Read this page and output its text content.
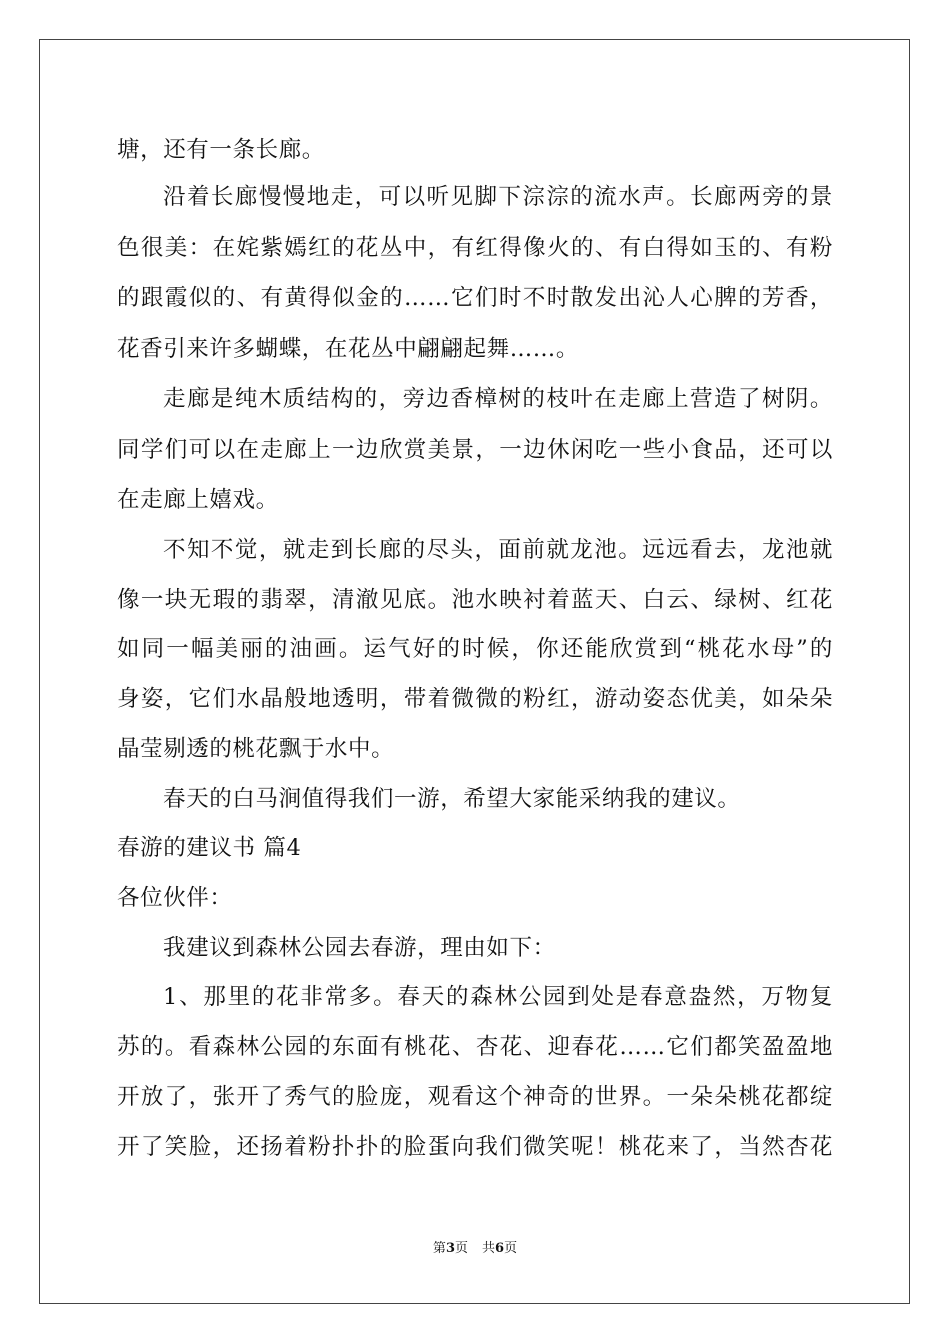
塘，还有一条长廊。
沿着长廊慢慢地走，可以听见脚下淙淙的流水声。长廊两旁的景
色很美：在姹紫嫣红的花丛中，有红得像火的、有白得如玉的、有粉
的跟霞似的、有黄得似金的……它们时不时散发出沁人心脾的芳香，
花香引来许多蝴蝶，在花丛中翩翩起舞……。
走廊是纯木质结构的，旁边香樟树的枝叶在走廊上营造了树阴。
同学们可以在走廊上一边欣赏美景，一边休闲吃一些小食品，还可以
在走廊上嬉戏。
不知不觉，就走到长廊的尽头，面前就龙池。远远看去，龙池就
像一块无瑕的翡翠，清澈见底。池水映衬着蓝天、白云、绿树、红花
如同一幅美丽的油画。运气好的时候，你还能欣赏到“桃花水母”的
身姿，它们水晶般地透明，带着微微的粉红，游动姿态优美，如朵朵
晶莹剔透的桃花飘于水中。
春天的白马涧值得我们一游，希望大家能采纳我的建议。
春游的建议书 篇4
各位伙伴：
我建议到森林公园去春游，理由如下：
1、那里的花非常多。春天的森林公园到处是春意盎然，万物复
苏的。看森林公园的东面有桃花、杏花、迎春花……它们都笑盈盈地
开放了，张开了秀气的脸庞，观看这个神奇的世界。一朵朵桃花都绽
开了笑脸，还扬着粉扑扑的脸蛋向我们微笑呢！桃花来了，当然杏花
第3页 共6页
